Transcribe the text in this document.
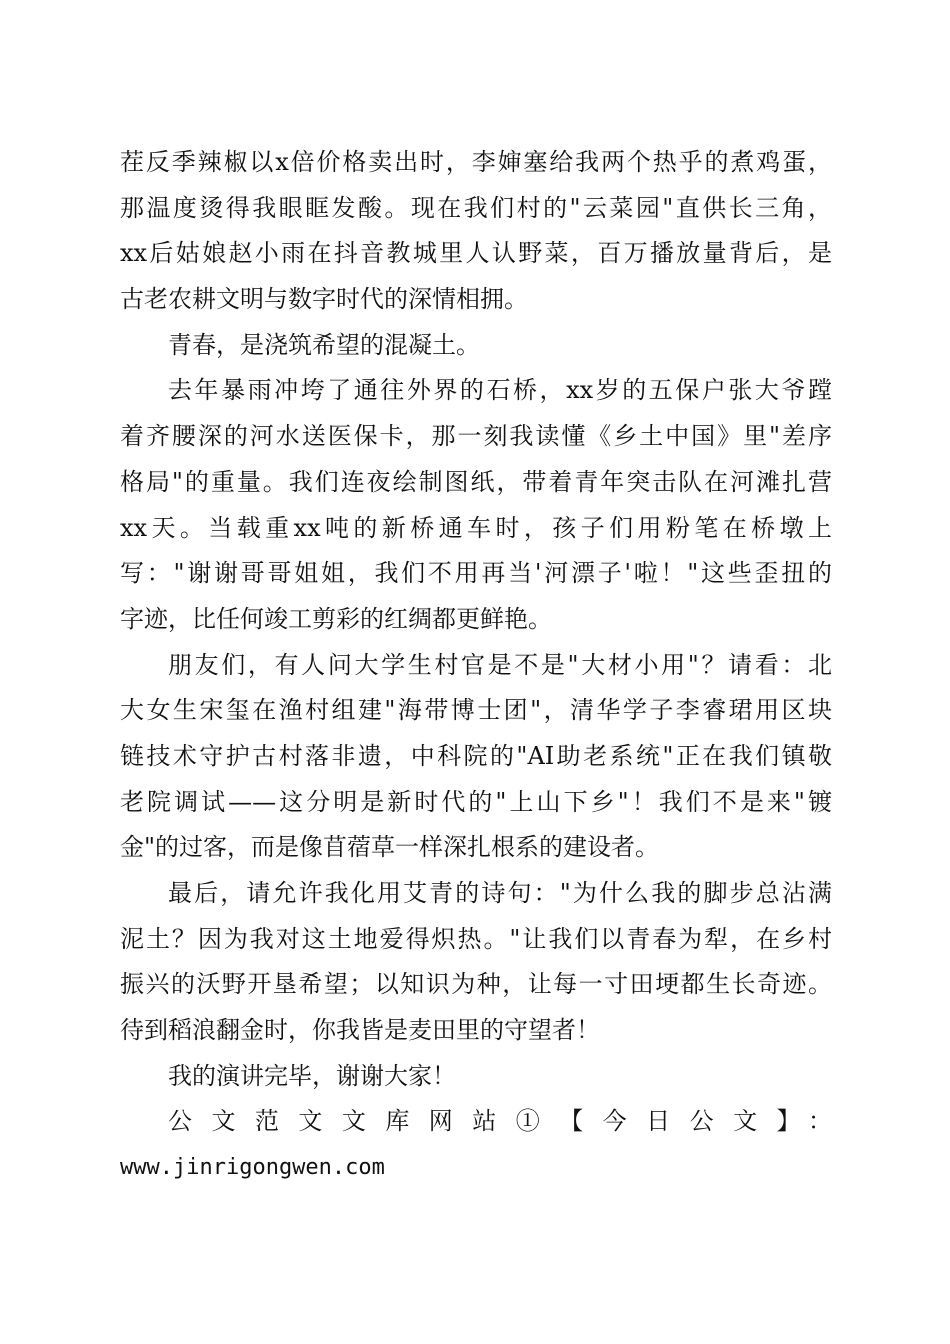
茬反季辣椒以x倍价格卖出时，李婶塞给我两个热乎的煮鸡蛋，
那温度烫得我眼眶发酸。现在我们村的"云菜园"直供长三角，
xx后姑娘赵小雨在抖音教城里人认野菜，百万播放量背后，是
古老农耕文明与数字时代的深情相拥。
青春，是浇筑希望的混凝土。
去年暴雨冲垮了通往外界的石桥，xx岁的五保户张大爷蹚
着齐腰深的河水送医保卡，那一刻我读懂《乡土中国》里"差序
格局"的重量。我们连夜绘制图纸，带着青年突击队在河滩扎营
xx天。当载重xx吨的新桥通车时，孩子们用粉笔在桥墩上
写："谢谢哥哥姐姐，我们不用再当'河漂子'啦！"这些歪扭的
字迹，比任何竣工剪彩的红绸都更鲜艳。
朋友们，有人问大学生村官是不是"大材小用"？请看：北
大女生宋玺在渔村组建"海带博士团"，清华学子李睿珺用区块
链技术守护古村落非遗，中科院的"AI助老系统"正在我们镇敬
老院调试——这分明是新时代的"上山下乡"！我们不是来"镀
金"的过客，而是像苜蓿草一样深扎根系的建设者。
最后，请允许我化用艾青的诗句："为什么我的脚步总沾满
泥土？因为我对这土地爱得炽热。"让我们以青春为犁，在乡村
振兴的沃野开垦希望；以知识为种，让每一寸田埂都生长奇迹。
待到稻浪翻金时，你我皆是麦田里的守望者！
我的演讲完毕，谢谢大家！
公文范文文库网站①【今日公文】：
www.jinrigongwen.com
